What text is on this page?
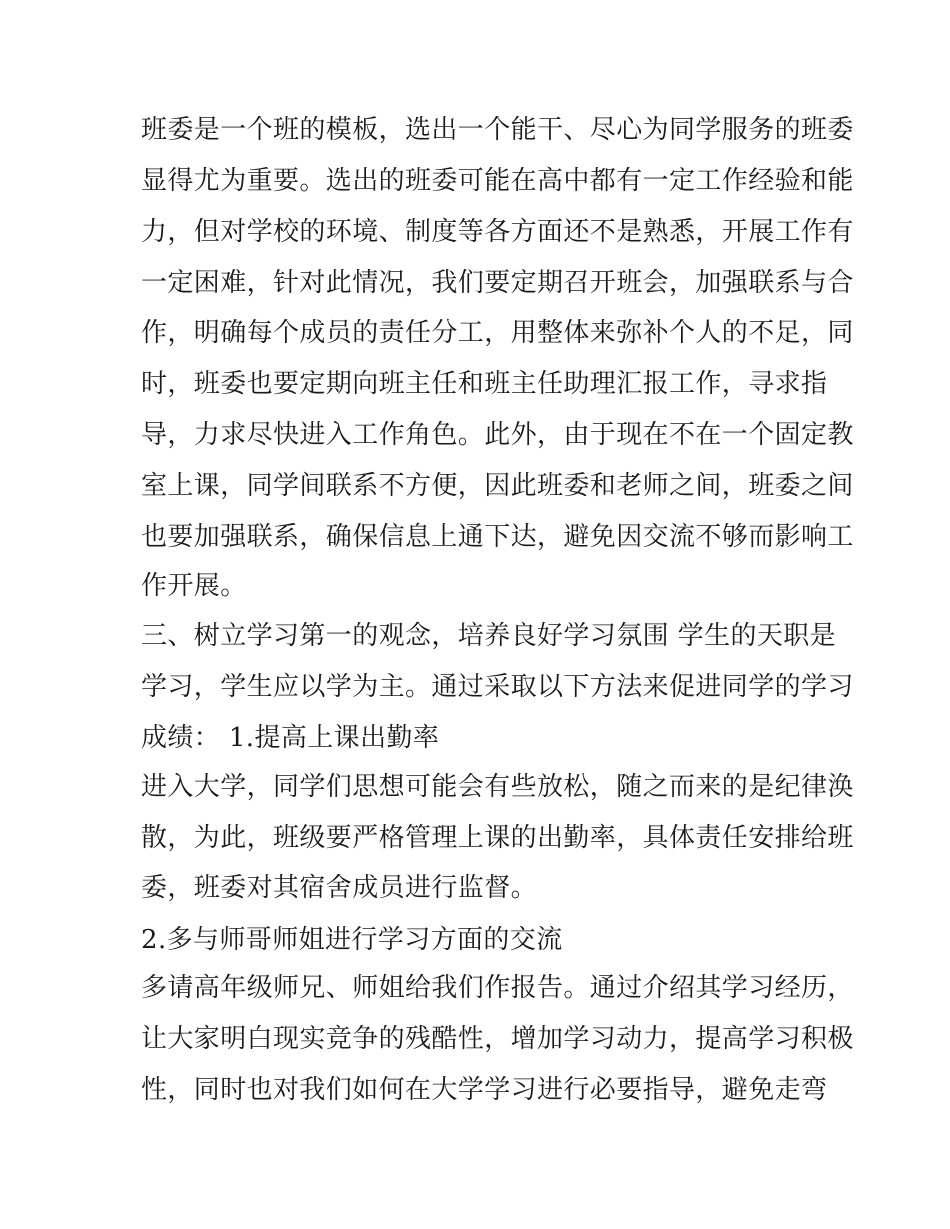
班委是一个班的模板，选出一个能干、尽心为同学服务的班委
显得尤为重要。选出的班委可能在高中都有一定工作经验和能
力，但对学校的环境、制度等各方面还不是熟悉，开展工作有
一定困难，针对此情况，我们要定期召开班会，加强联系与合
作，明确每个成员的责任分工，用整体来弥补个人的不足，同
时，班委也要定期向班主任和班主任助理汇报工作，寻求指
导，力求尽快进入工作角色。此外，由于现在不在一个固定教
室上课，同学间联系不方便，因此班委和老师之间，班委之间
也要加强联系，确保信息上通下达，避免因交流不够而影响工
作开展。
三、树立学习第一的观念，培养良好学习氛围 学生的天职是
学习，学生应以学为主。通过采取以下方法来促进同学的学习
成绩： 1.提高上课出勤率
进入大学，同学们思想可能会有些放松，随之而来的是纪律涣
散，为此，班级要严格管理上课的出勤率，具体责任安排给班
委，班委对其宿舍成员进行监督。
2.多与师哥师姐进行学习方面的交流
多请高年级师兄、师姐给我们作报告。通过介绍其学习经历，
让大家明白现实竞争的残酷性，增加学习动力，提高学习积极
性，同时也对我们如何在大学学习进行必要指导，避免走弯
